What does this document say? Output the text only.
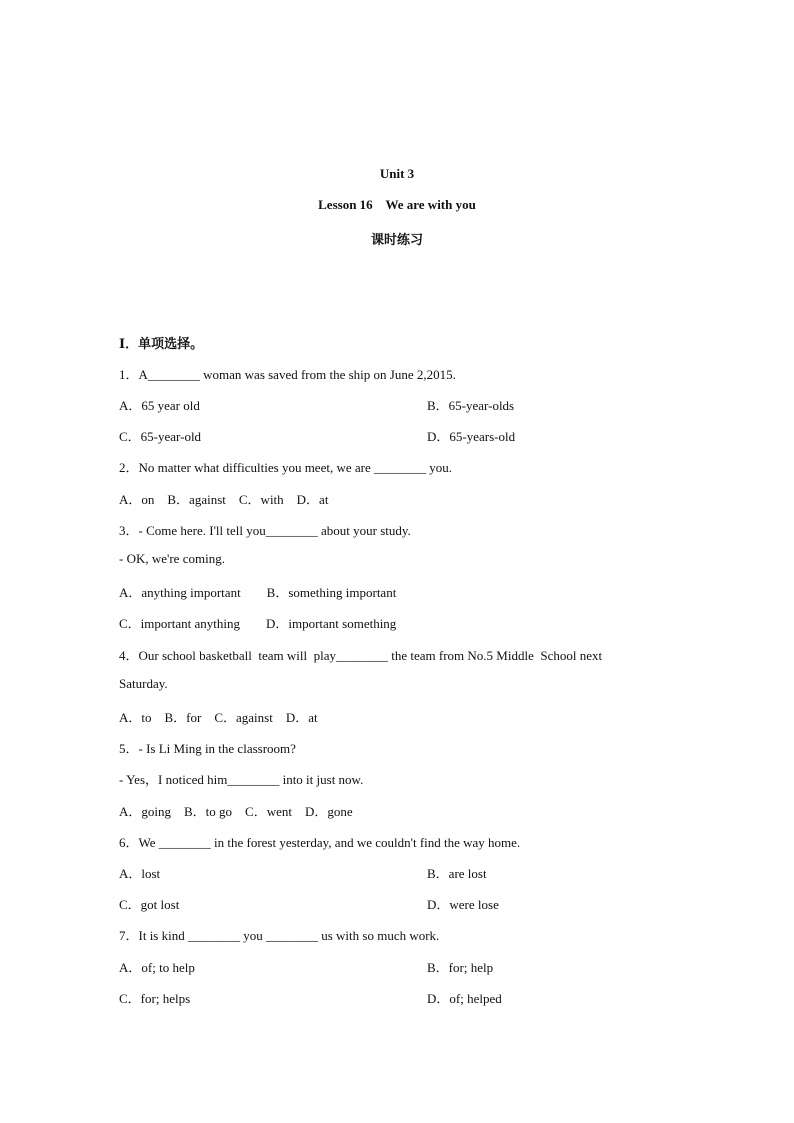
Unit 3
Lesson 16    We are with you
课时练习
Ⅰ．单项选择。
1．A________ woman was saved from the ship on June 2,2015.
A．65 year old	B．65-year-olds
C．65-year-old	D．65-years-old
2．No matter what difficulties you meet, we are ________ you.
A．on    B．against    C．with    D．at
3．- Come here. I'll tell you________ about your study.
- OK, we're coming.
A．anything important        B．something important
C．important anything        D．important something
4．Our school basketball  team will  play________ the team from No.5 Middle  School next
Saturday.
A．to    B．for    C．against    D．at
5．- Is Li Ming in the classroom?
- Yes，I noticed him________ into it just now.
A．going    B．to go    C．went    D．gone
6．We ________ in the forest yesterday, and we couldn't find the way home.
A．lost	B．are lost
C．got lost	D．were lose
7．It is kind ________ you ________ us with so much work.
A．of; to help	B．for; help
C．for; helps	D．of; helped
